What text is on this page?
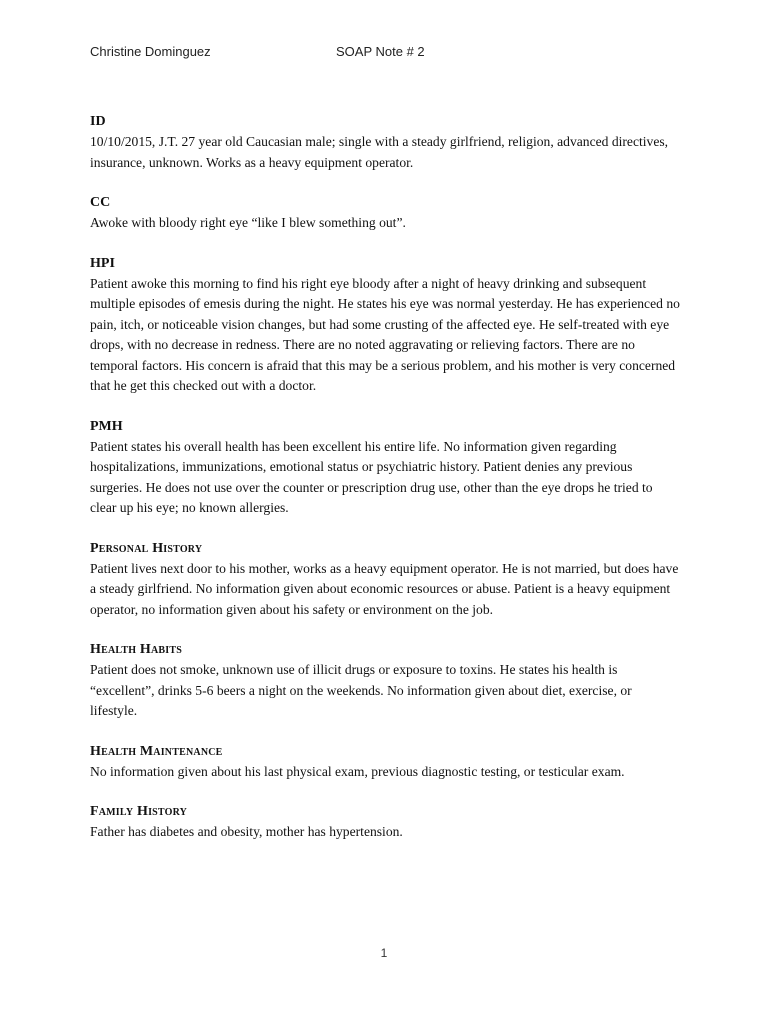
Christine Dominguez	SOAP Note # 2

ID

10/10/2015, J.T. 27 year old Caucasian male; single with a steady girlfriend, religion, advanced directives, insurance, unknown. Works as a heavy equipment operator.

CC

Awoke with bloody right eye “like I blew something out”.

HPI

Patient awoke this morning to find his right eye bloody after a night of heavy drinking and subsequent multiple episodes of emesis during the night. He states his eye was normal yesterday. He has experienced no pain, itch, or noticeable vision changes, but had some crusting of the affected eye. He self-treated with eye drops, with no decrease in redness. There are no noted aggravating or relieving factors. There are no temporal factors. His concern is afraid that this may be a serious problem, and his mother is very concerned that he get this checked out with a doctor.

PMH

Patient states his overall health has been excellent his entire life. No information given regarding hospitalizations, immunizations, emotional status or psychiatric history. Patient denies any previous surgeries. He does not use over the counter or prescription drug use, other than the eye drops he tried to clear up his eye; no known allergies.

Personal History

Patient lives next door to his mother, works as a heavy equipment operator. He is not married, but does have a steady girlfriend. No information given about economic resources or abuse. Patient is a heavy equipment operator, no information given about his safety or environment on the job.

Health Habits

Patient does not smoke, unknown use of illicit drugs or exposure to toxins. He states his health is “excellent”, drinks 5-6 beers a night on the weekends. No information given about diet, exercise, or lifestyle.

Health Maintenance

No information given about his last physical exam, previous diagnostic testing, or testicular exam.

Family History

Father has diabetes and obesity, mother has hypertension.

1
